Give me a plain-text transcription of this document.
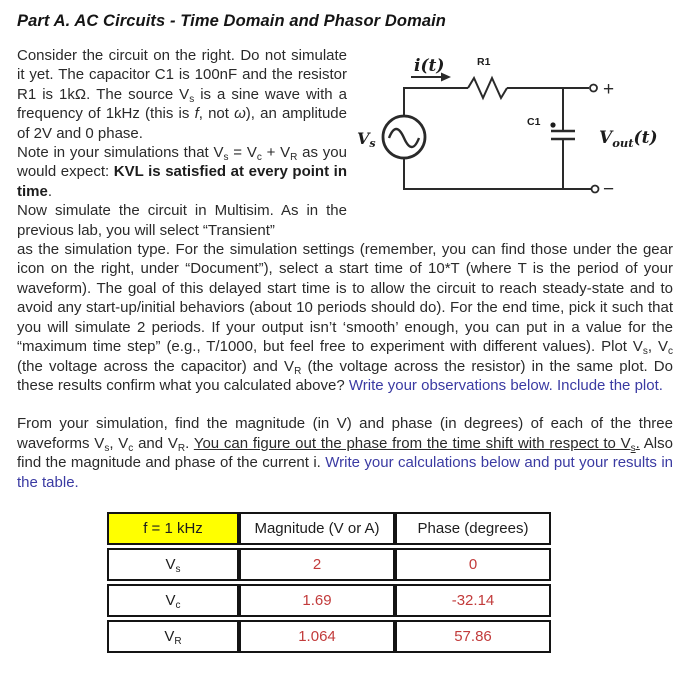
Part A. AC Circuits - Time Domain and Phasor Domain
i(t)	R1
C1
Vs	$V_{out}(t)$
+
−
Consider the circuit on the right. Do not simulate it yet. The capacitor C1 is 100nF and the resistor R1 is 1kΩ. The source $V_s$ is a sine wave with a frequency of 1kHz (this is f, not ω), an amplitude of 2V and 0 phase.
Note in your simulations that $V_s = V_c + V_R$ as you would expect: KVL is satisfied at every point in time.
Now simulate the circuit in Multisim. As in the previous lab, you will select “Transient”
as the simulation type. For the simulation settings (remember, you can find those under the gear icon on the right, under “Document”), select a start time of 10*T (where T is the period of your waveform). The goal of this delayed start time is to allow the circuit to reach steady-state and to avoid any start-up/initial behaviors (about 10 periods should do). For the end time, pick it such that you will simulate 2 periods. If your output isn’t ‘smooth’ enough, you can put in a value for the “maximum time step” (e.g., T/1000, but feel free to experiment with different values). Plot $V_s$, $V_c$ (the voltage across the capacitor) and $V_R$ (the voltage across the resistor) in the same plot. Do these results confirm what you calculated above? Write your observations below. Include the plot.
From your simulation, find the magnitude (in V) and phase (in degrees) of each of the three waveforms $V_s$, $V_c$ and $V_R$. You can figure out the phase from the time shift with respect to $V_s$. Also find the magnitude and phase of the current i. Write your calculations below and put your results in the table.
f = 1 kHz	Magnitude (V or A)	Phase (degrees)
$V_s$	2	0
$V_c$	1.69	-32.14
$V_R$	1.064	57.86
